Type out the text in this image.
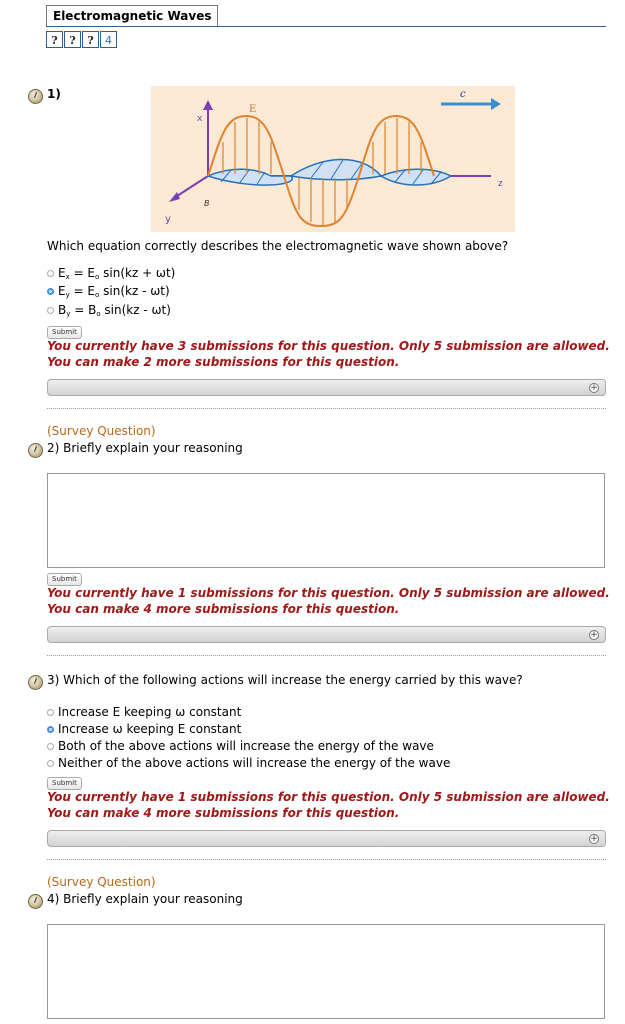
Electromagnetic Waves
?	?	?	4
1)	c
x
E
y
B
z
Which equation correctly describes the electromagnetic wave shown above?
$E_x = E_o$ sin(kz + ωt)
$E_y = E_o$ sin(kz - ωt)
$B_y = B_o$ sin(kz - ωt)
Submit
You currently have 3 submissions for this question. Only 5 submission are allowed.
You can make 2 more submissions for this question.
+
(Survey Question)
2) Briefly explain your reasoning
Submit
You currently have 1 submissions for this question. Only 5 submission are allowed.
You can make 4 more submissions for this question.
+
3) Which of the following actions will increase the energy carried by this wave?
Increase E keeping ω constant
Increase ω keeping E constant
Both of the above actions will increase the energy of the wave
Neither of the above actions will increase the energy of the wave
Submit
You currently have 1 submissions for this question. Only 5 submission are allowed.
You can make 4 more submissions for this question.
+
(Survey Question)
4) Briefly explain your reasoning
